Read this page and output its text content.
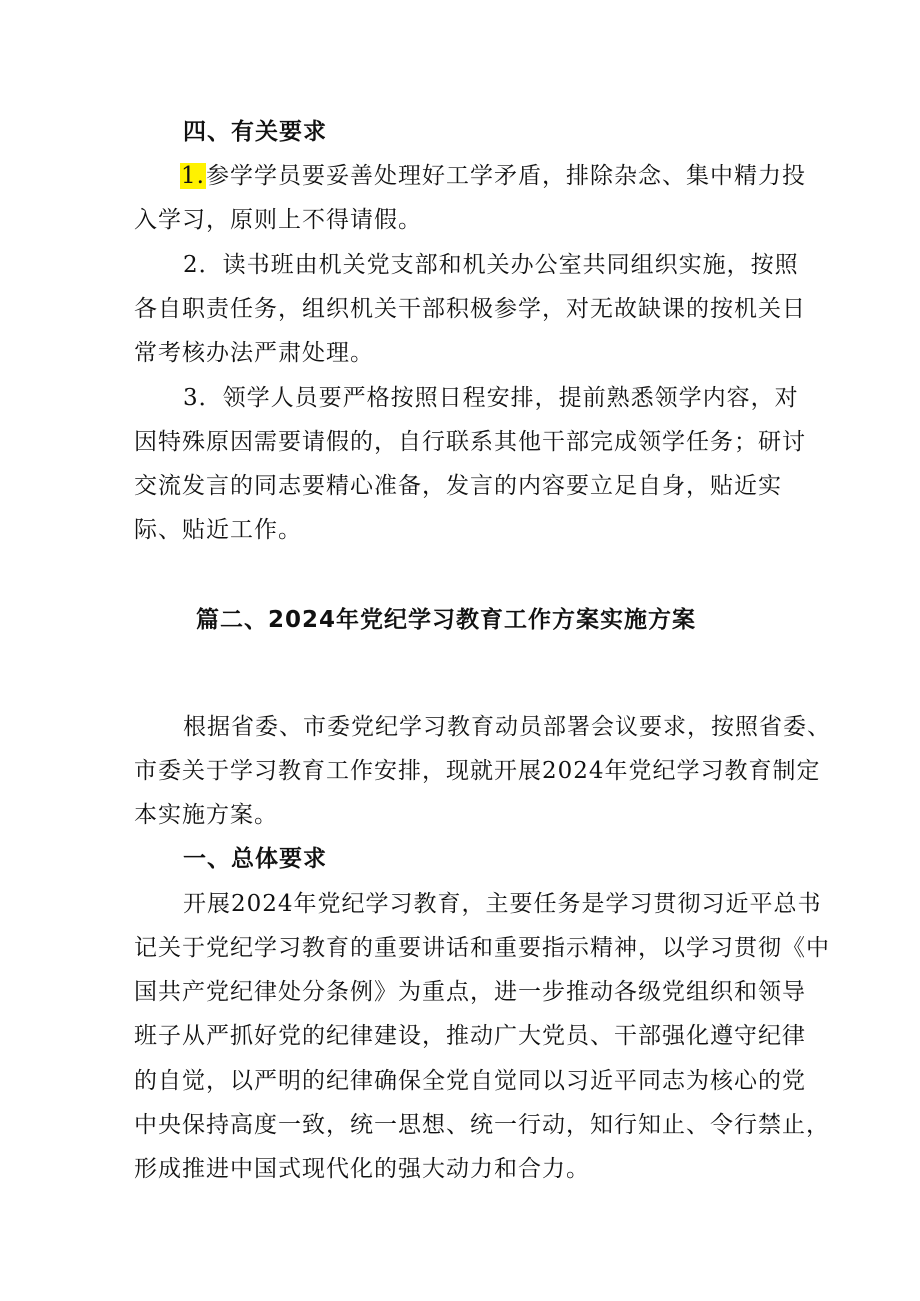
四、有关要求
1.参学学员要妥善处理好工学矛盾，排除杂念、集中精力投
入学习，原则上不得请假。
2．读书班由机关党支部和机关办公室共同组织实施，按照
各自职责任务，组织机关干部积极参学，对无故缺课的按机关日
常考核办法严肃处理。
3．领学人员要严格按照日程安排，提前熟悉领学内容，对
因特殊原因需要请假的，自行联系其他干部完成领学任务；研讨
交流发言的同志要精心准备，发言的内容要立足自身，贴近实
际、贴近工作。
篇二、2024年党纪学习教育工作方案实施方案
根据省委、市委党纪学习教育动员部署会议要求，按照省委、
市委关于学习教育工作安排，现就开展2024年党纪学习教育制定
本实施方案。
一、总体要求
开展2024年党纪学习教育，主要任务是学习贯彻习近平总书
记关于党纪学习教育的重要讲话和重要指示精神，以学习贯彻《中
国共产党纪律处分条例》为重点，进一步推动各级党组织和领导
班子从严抓好党的纪律建设，推动广大党员、干部强化遵守纪律
的自觉，以严明的纪律确保全党自觉同以习近平同志为核心的党
中央保持高度一致，统一思想、统一行动，知行知止、令行禁止，
形成推进中国式现代化的强大动力和合力。
